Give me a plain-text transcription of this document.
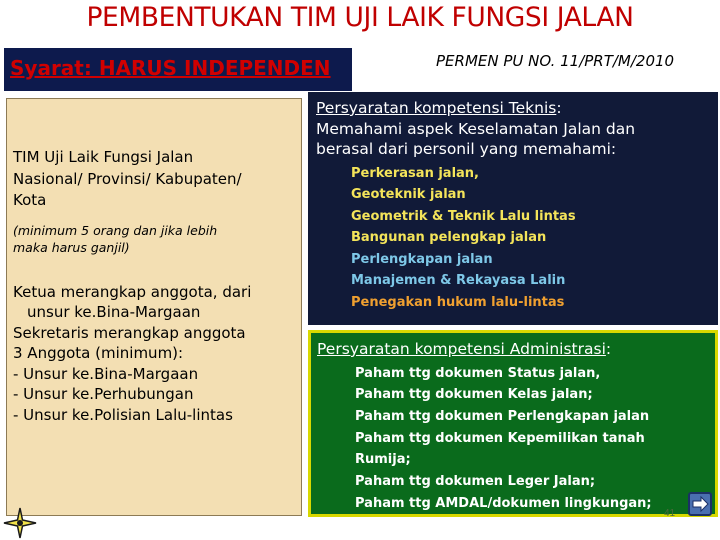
PEMBENTUKAN TIM UJI LAIK FUNGSI JALAN
Syarat: HARUS INDEPENDEN	PERMEN PU NO. 11/PRT/M/2010
TIM Uji Laik Fungsi Jalan
Nasional/ Provinsi/ Kabupaten/
Kota
(minimum 5 orang dan jika lebih
maka harus ganjil)
Ketua merangkap anggota, dari
unsur ke.Bina-Margaan
Sekretaris merangkap anggota
3 Anggota (minimum):
- Unsur ke.Bina-Margaan
- Unsur ke.Perhubungan
- Unsur ke.Polisian Lalu-lintas
Persyaratan kompetensi Teknis:
Memahami aspek Keselamatan Jalan dan
berasal dari personil yang memahami:
Perkerasan jalan,
Geoteknik jalan
Geometrik & Teknik Lalu lintas
Bangunan pelengkap jalan
Perlengkapan jalan
Manajemen & Rekayasa Lalin
Penegakan hukum lalu-lintas
Persyaratan kompetensi Administrasi:
Paham ttg dokumen Status jalan,
Paham ttg dokumen Kelas jalan;
Paham ttg dokumen Perlengkapan jalan
Paham ttg dokumen Kepemilikan tanah
Rumija;
Paham ttg dokumen Leger Jalan;
Paham ttg AMDAL/dokumen lingkungan;
41
